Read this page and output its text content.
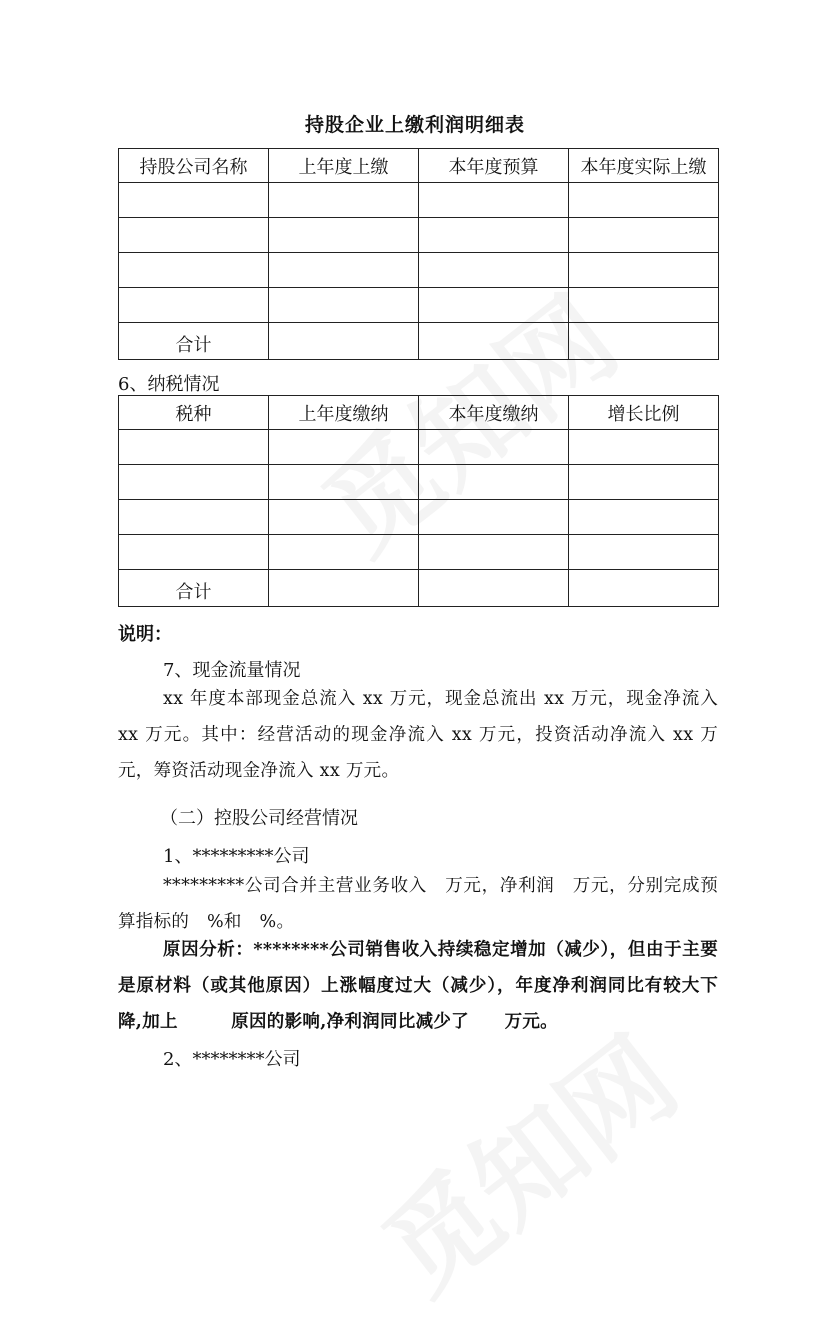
持股企业上缴利润明细表
持股公司名称	上年度上缴	本年度预算	本年度实际上缴

合计			
6、纳税情况
税种	上年度缴纳	本年度缴纳	增长比例

合计			
说明：
7、现金流量情况
xx 年度本部现金总流入 xx 万元，现金总流出 xx 万元，现金净流入 xx 万元。其中：经营活动的现金净流入 xx 万元，投资活动净流入 xx 万元，筹资活动现金净流入 xx 万元。
（二）控股公司经营情况
1、*********公司
*********公司合并主营业务收入　万元，净利润　万元，分别完成预算指标的　%和　%。
原因分析：********公司销售收入持续稳定增加（减少），但由于主要是原材料（或其他原因）上涨幅度过大（减少），年度净利润同比有较大下降,加上　　　原因的影响,净利润同比减少了　　万元。
2、********公司
